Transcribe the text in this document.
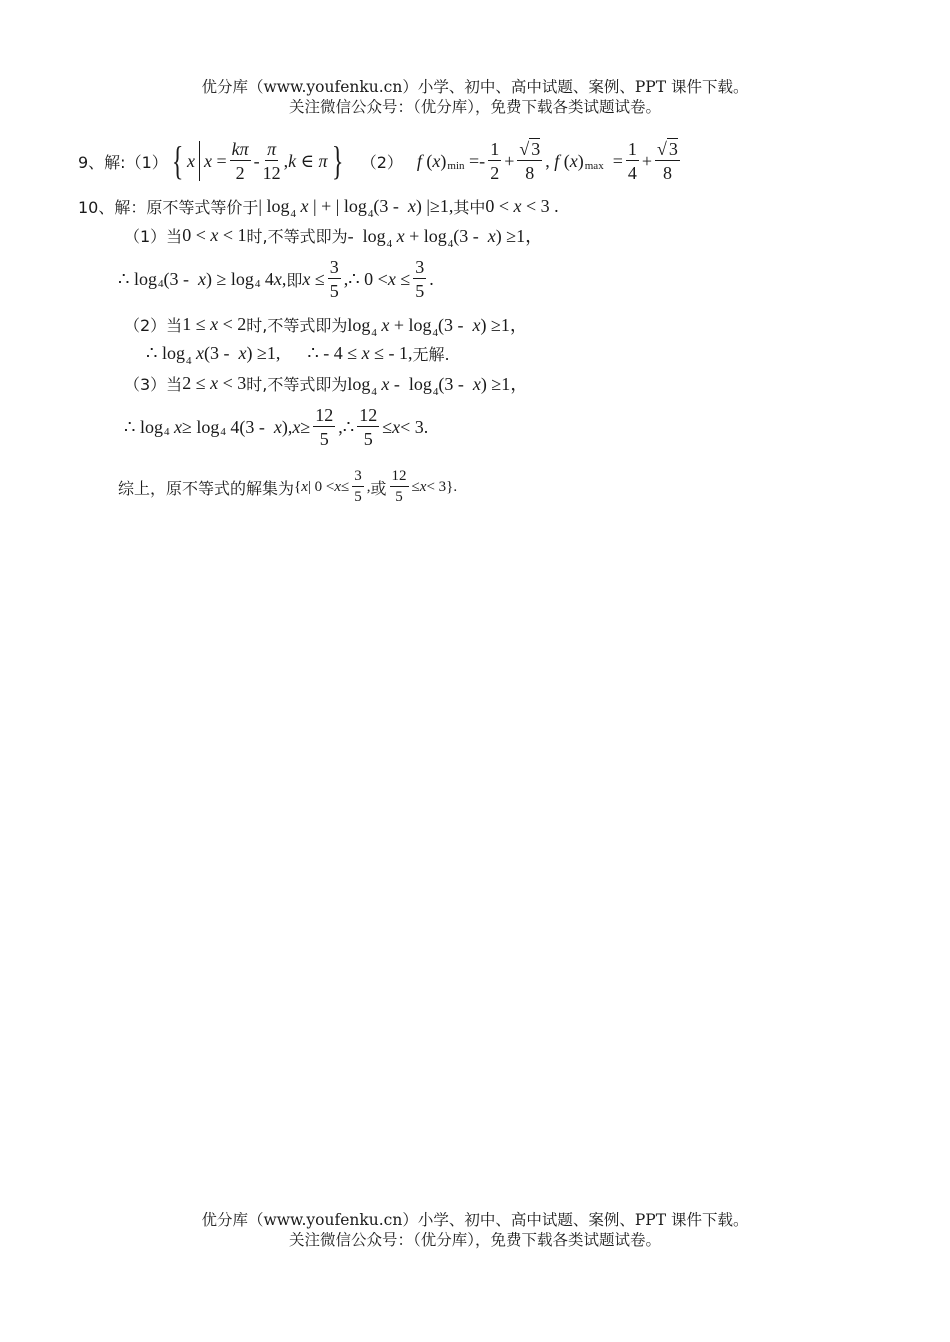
优分库（www.youfenku.cn）小学、初中、高中试题、案例、PPT 课件下载。
关注微信公众号：（优分库），免费下载各类试题试卷。
9、解:（1） { x $x = \frac{k\pi}{2} - \frac{\pi}{12}$ , k ∈ π } （2） f ( x ) $\min =- \frac{1}{2} + \frac{√ 3}{8}$ , f ( x ) $\max = \frac{1}{4} + \frac{√ 3}{8}$
10、解：原不等式等价于 | $\log_4 x$ | + | $\log_4(3 - x)$ |≥1, 其中 0 < x < 3 .
（1）当 0 < x < 1 时,不等式即为 -  $\log_4 x + \log_4(3 - x) \ge 1$，
∴ log 4 (3 - x ) ≥ log 4 4 x , 即 $x \le \frac{3}{5}$ ,∴ $0 < x \le \frac{3}{5}$ .
（2）当 1 ≤ x < 2 时,不等式即为 $\log_4 x + \log_4(3 - x) \ge 1$，
∴ $\log_4 x(3 - x) \ge 1$,      ∴ - 4 ≤ x ≤ - 1, 无解.
（3）当 2 ≤ x < 3 时,不等式即为 $\log_4 x - \log_4(3 - x) \ge 1$，
∴ log 4
x ≥ log 4 4(3 - x ), $x \ge \frac{12}{5}$ ,∴ $\frac{12}{5} \le x < 3$.
综上，原不等式的解集为 { x | $0 < x \le \frac{3}{5}$ , 或 $\frac{12}{5} \le x < 3$}.
优分库（www.youfenku.cn）小学、初中、高中试题、案例、PPT 课件下载。
关注微信公众号：（优分库），免费下载各类试题试卷。
